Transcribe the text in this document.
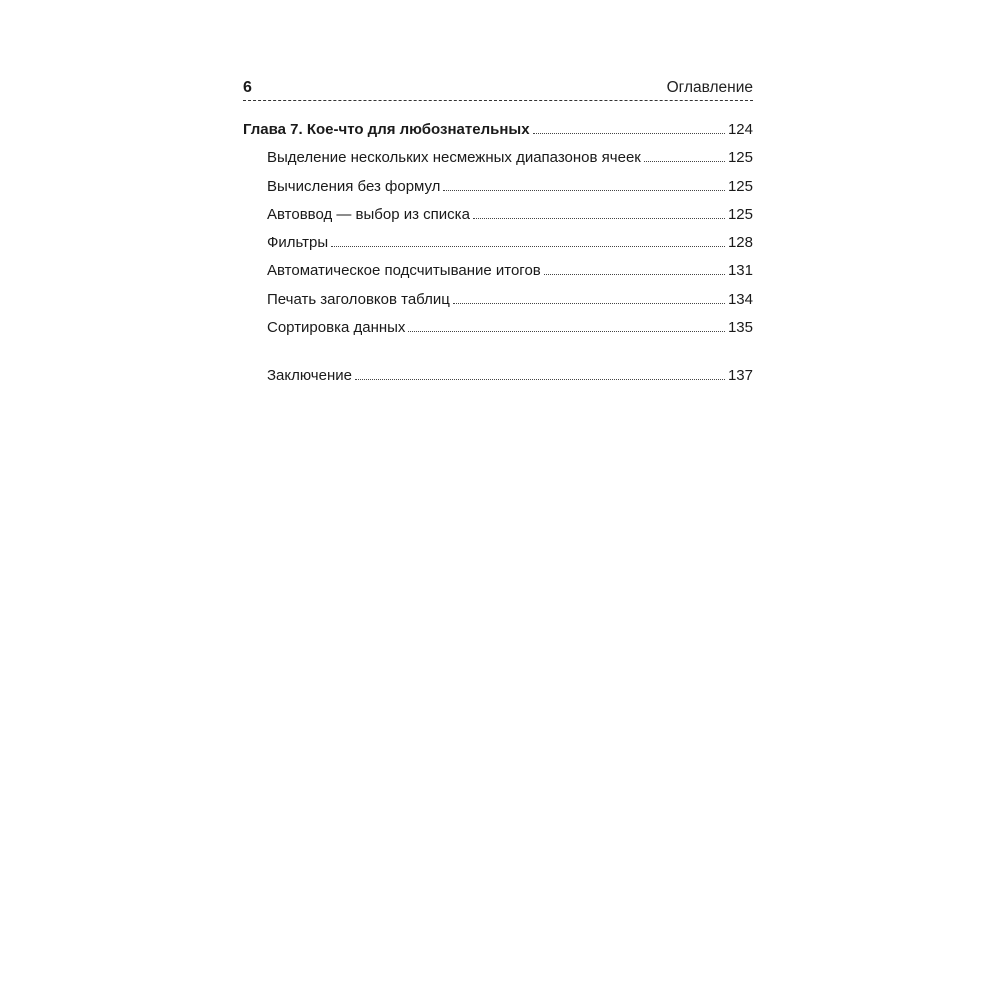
6	Оглавление
Глава 7. Кое-что для любознательных	124
Выделение нескольких несмежных диапазонов ячеек	125
Вычисления без формул	125
Автоввод — выбор из списка	125
Фильтры	128
Автоматическое подсчитывание итогов	131
Печать заголовков таблиц	134
Сортировка данных	135
Заключение	137
